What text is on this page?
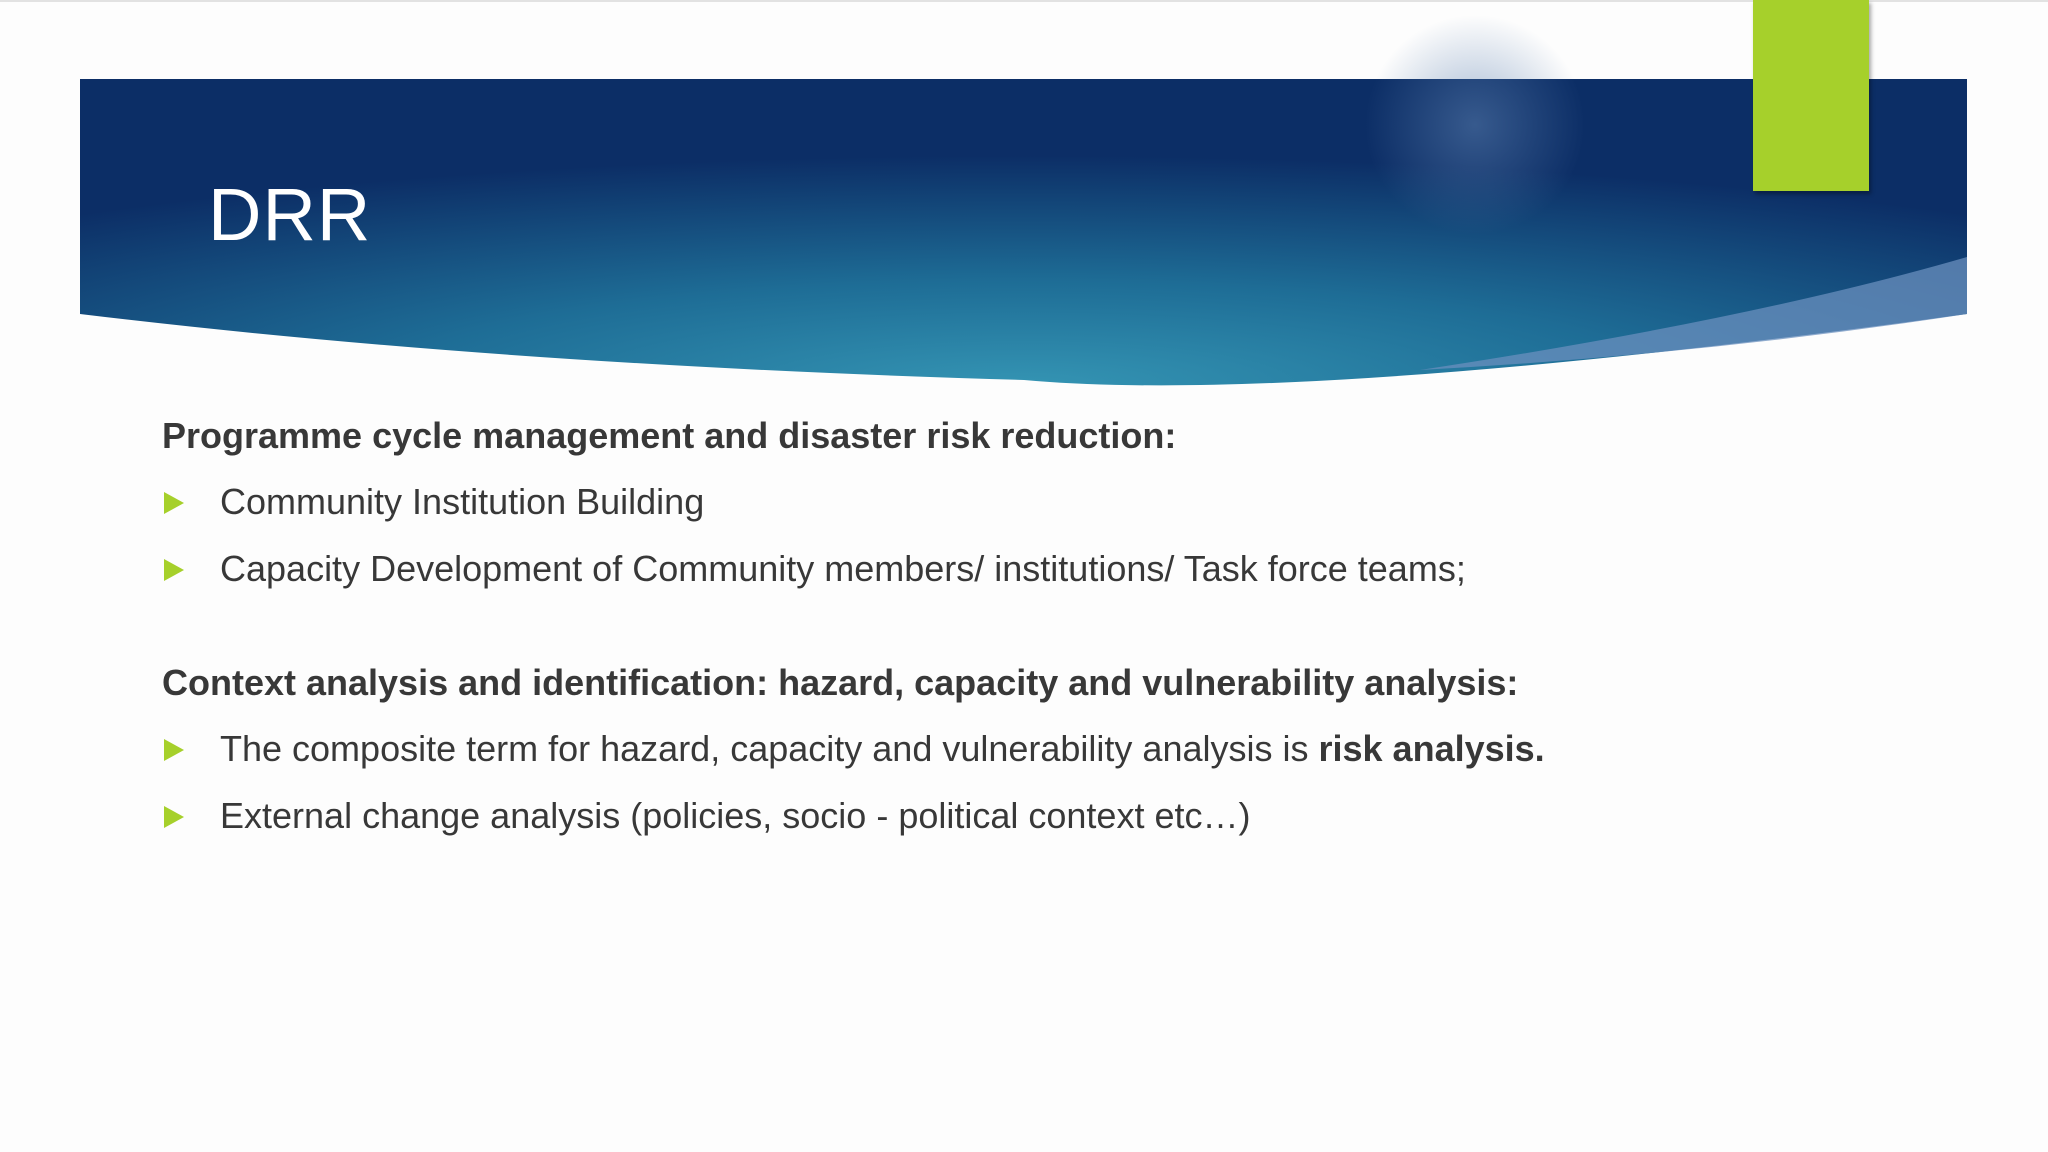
DRR

Programme cycle management and disaster risk reduction:

Community Institution Building
Capacity Development of Community members/ institutions/ Task force teams;

Context analysis and identification: hazard, capacity and vulnerability analysis:

The composite term for hazard, capacity and vulnerability analysis is risk analysis.
External change analysis (policies, socio - political context etc…)
